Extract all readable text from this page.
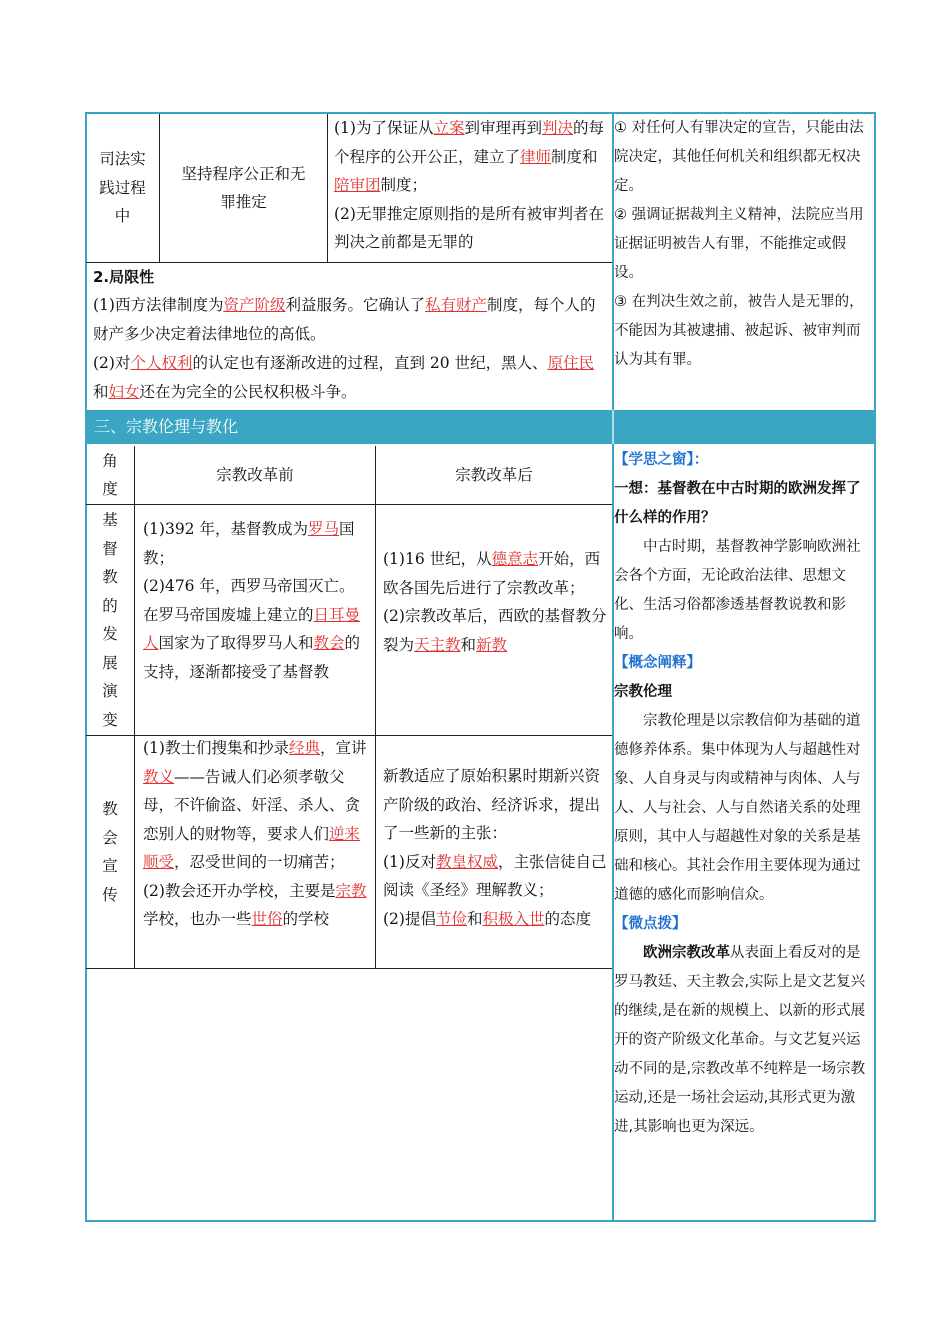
司法实践过程中
坚持程序公正和无罪推定
(1)为了保证从立案到审理再到判决的每个程序的公开公正，建立了律师制度和陪审团制度；
(2)无罪推定原则指的是所有被审判者在判决之前都是无罪的
2.局限性
(1)西方法律制度为资产阶级利益服务。它确认了私有财产制度，每个人的财产多少决定着法律地位的高低。
(2)对个人权利的认定也有逐渐改进的过程，直到 20 世纪，黑人、原住民和妇女还在为完全的公民权积极斗争。
三、宗教伦理与教化
角度
宗教改革前	宗教改革后
基督教的发展演变
(1)392 年，基督教成为罗马国教；
(2)476 年，西罗马帝国灭亡。在罗马帝国废墟上建立的日耳曼人国家为了取得罗马人和教会的支持，逐渐都接受了基督教
(1)16 世纪，从德意志开始，西欧各国先后进行了宗教改革；
(2)宗教改革后，西欧的基督教分裂为天主教和新教
教会宣传
(1)教士们搜集和抄录经典，宣讲教义——告诫人们必须孝敬父母，不许偷盗、奸淫、杀人、贪恋别人的财物等，要求人们逆来顺受，忍受世间的一切痛苦；
(2)教会还开办学校，主要是宗教学校，也办一些世俗的学校
新教适应了原始积累时期新兴资产阶级的政治、经济诉求，提出了一些新的主张：
(1)反对教皇权威，主张信徒自己阅读《圣经》理解教义；
(2)提倡节俭和积极入世的态度

① 对任何人有罪决定的宣告，只能由法院决定，其他任何机关和组织都无权决定。

② 强调证据裁判主义精神，法院应当用证据证明被告人有罪，不能推定或假设。

③ 在判决生效之前，被告人是无罪的，不能因为其被逮捕、被起诉、被审判而认为其有罪。

【学思之窗】：

一想：基督教在中古时期的欧洲发挥了什么样的作用？

中古时期，基督教神学影响欧洲社会各个方面，无论政治法律、思想文化、生活习俗都渗透基督教说教和影响。

【概念阐释】

宗教伦理

宗教伦理是以宗教信仰为基础的道德修养体系。集中体现为人与超越性对象、人自身灵与肉或精神与肉体、人与人、人与社会、人与自然诸关系的处理原则，其中人与超越性对象的关系是基础和核心。其社会作用主要体现为通过道德的感化而影响信众。

【微点拨】

欧洲宗教改革从表面上看反对的是罗马教廷、天主教会,实际上是文艺复兴的继续,是在新的规模上、以新的形式展开的资产阶级文化革命。与文艺复兴运动不同的是,宗教改革不纯粹是一场宗教运动,还是一场社会运动,其形式更为激进,其影响也更为深远。
